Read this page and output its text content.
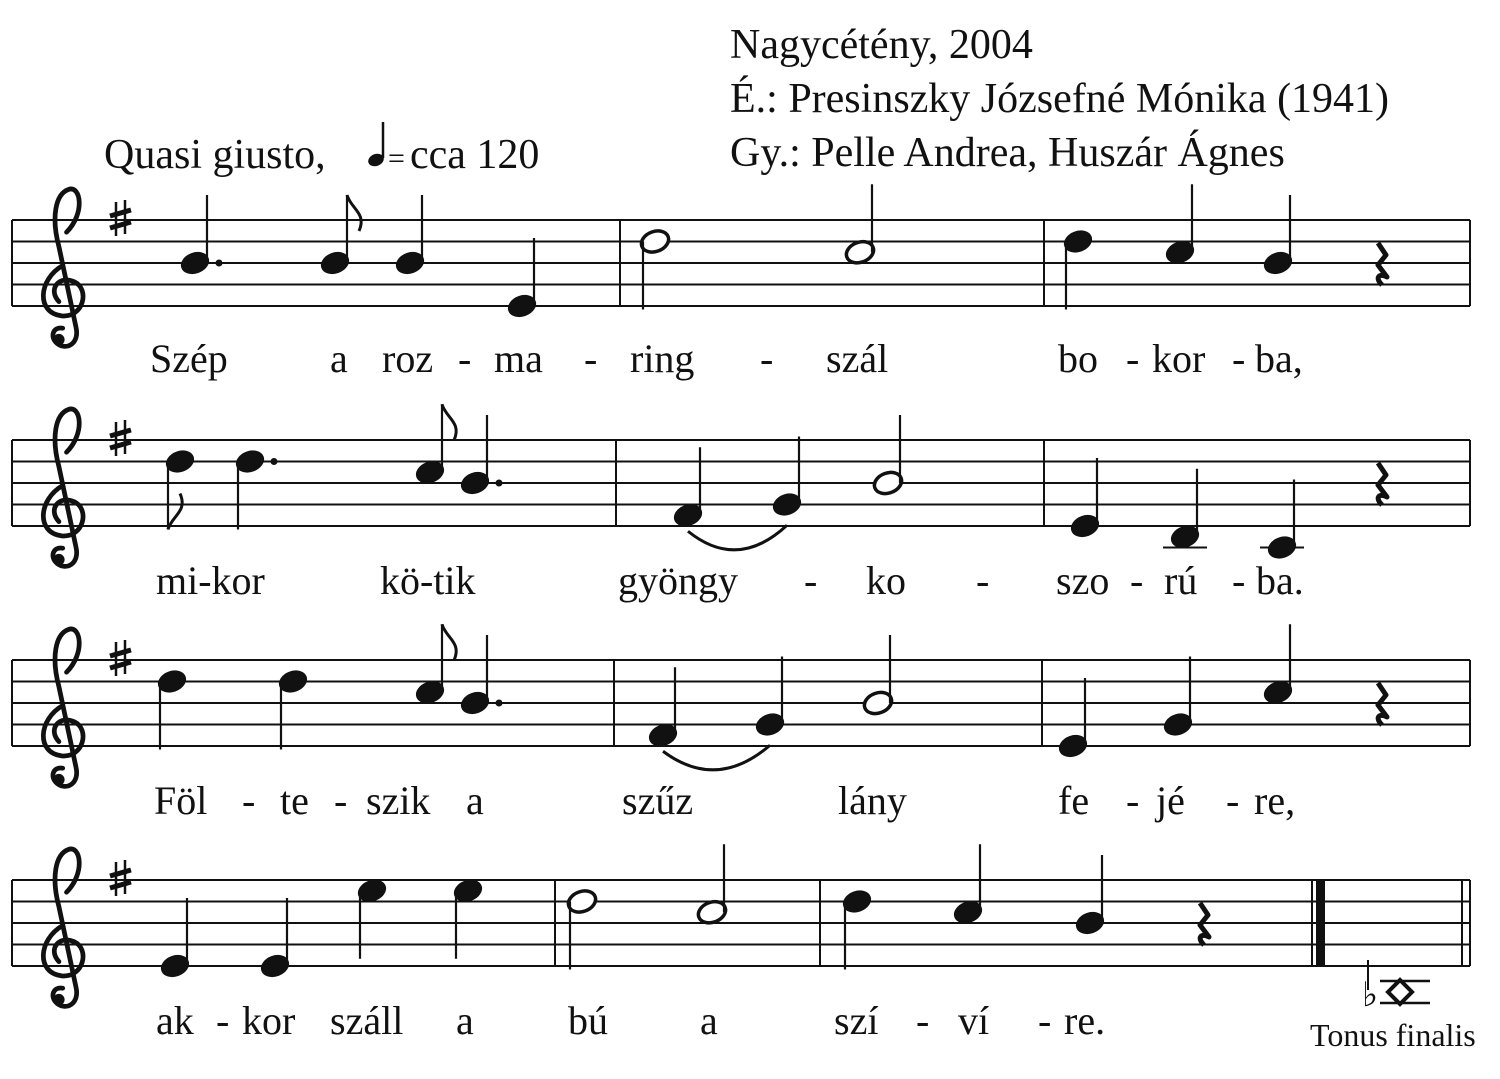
Nagycétény, 2004
É.: Presinszky Józsefné Mónika (1941)
Gy.: Pelle Andrea, Huszár Ágnes
Quasi giusto, = cca 120
Szép	a roz - ma - ring - szál	bo - kor - ba,
mi-kor	kö-tik	gyöngy - ko - szo - rú - ba.
Föl - te - szik a	szűz	lány	fe - jé - re,
ak - kor száll a bú a	szí - ví - re.
♭
Tonus finalis
